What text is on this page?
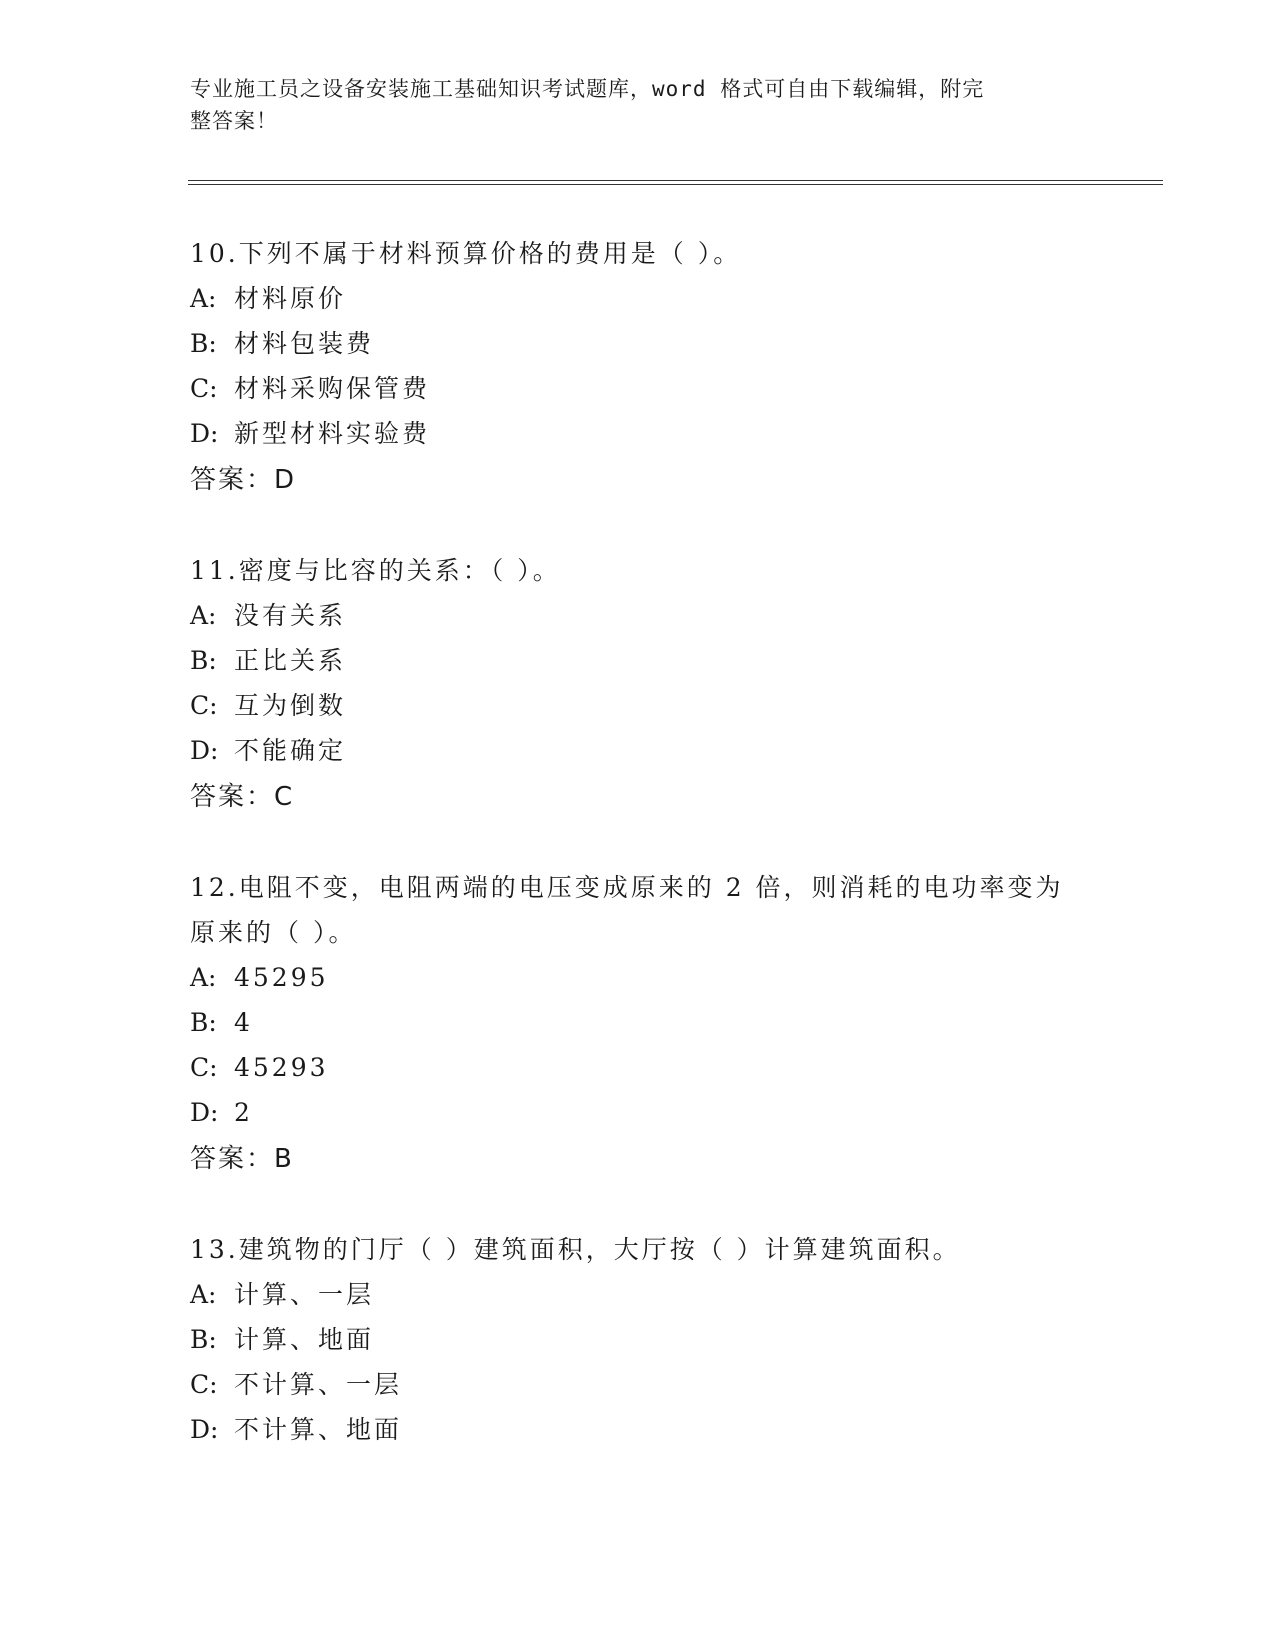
专业施工员之设备安装施工基础知识考试题库，word 格式可自由下载编辑，附完
整答案！
10.下列不属于材料预算价格的费用是（ ）。
A: 材料原价
B: 材料包装费
C: 材料采购保管费
D: 新型材料实验费
答案：D
11.密度与比容的关系：（ ）。
A: 没有关系
B: 正比关系
C: 互为倒数
D: 不能确定
答案：C
12.电阻不变，电阻两端的电压变成原来的 2 倍，则消耗的电功率变为
原来的（ ）。
A: 45295
B: 4
C: 45293
D: 2
答案：B
13.建筑物的门厅（ ）建筑面积，大厅按（ ）计算建筑面积。
A: 计算、一层
B: 计算、地面
C: 不计算、一层
D: 不计算、地面
